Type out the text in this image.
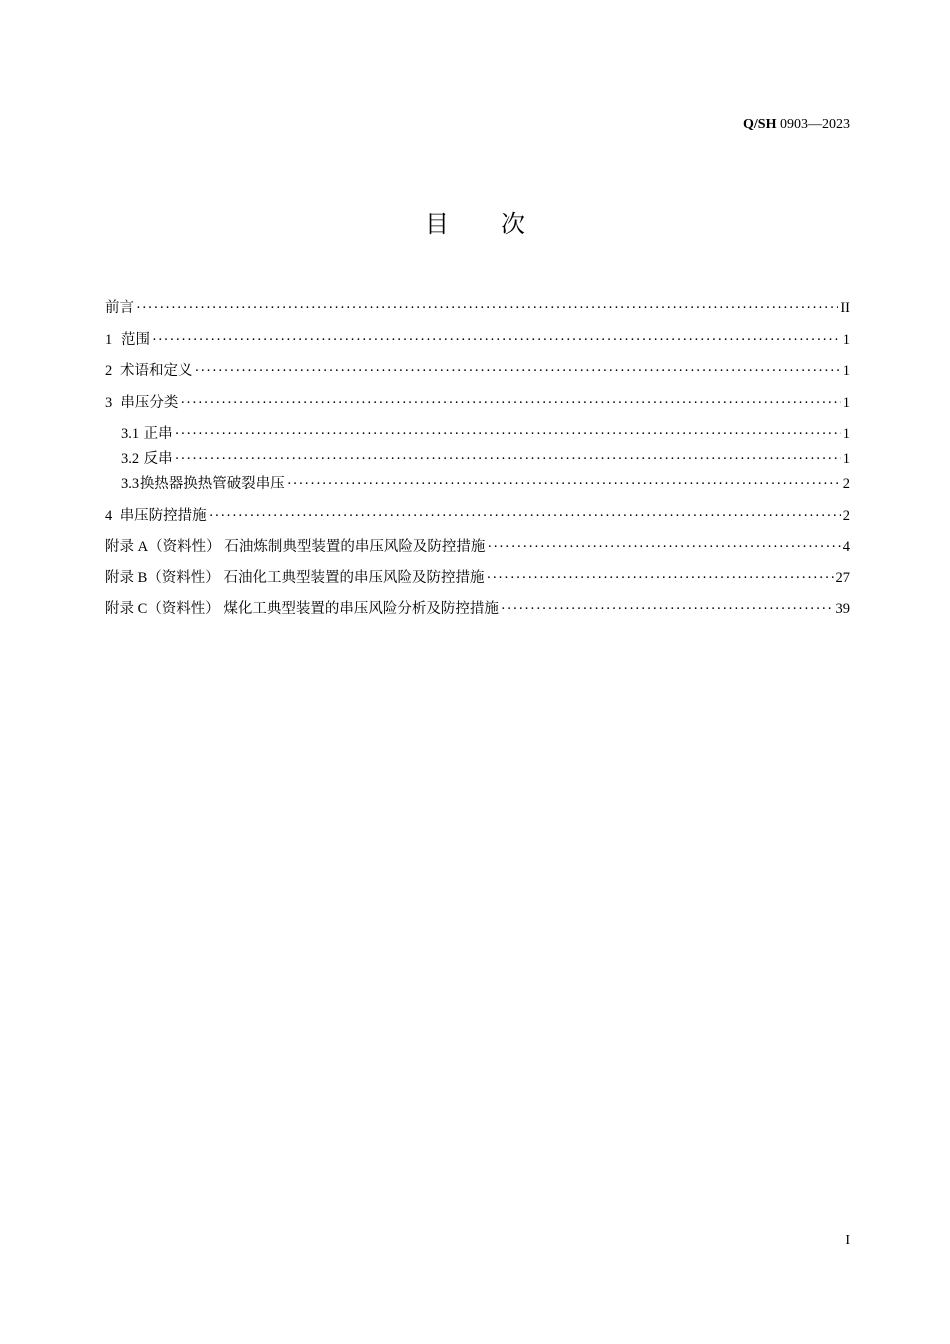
Q/SH 0903—2023
目 次
前言 ·····	II
1 范围 ·····	1
2 术语和定义 ·····	1
3 串压分类 ·····	1
3.1 正串 ·····	1
3.2 反串 ·····	1
3.3 换热器换热管破裂串压 ·····	2
4 串压防控措施 ·····	2
附录 A（资料性） 石油炼制典型装置的串压风险及防控措施 ·····	4
附录 B（资料性） 石油化工典型装置的串压风险及防控措施 ·····	27
附录 C（资料性） 煤化工典型装置的串压风险分析及防控措施 ·····	39
I
